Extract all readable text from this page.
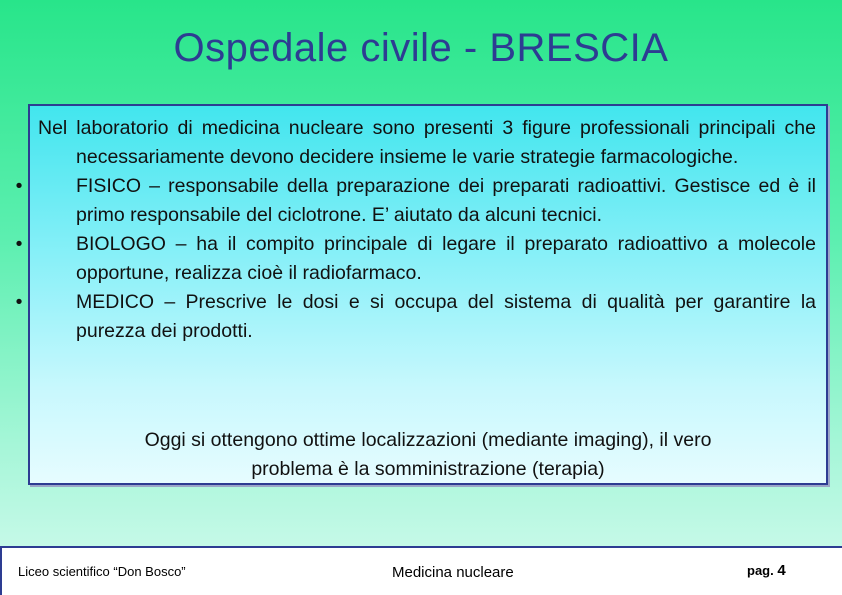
Ospedale civile - BRESCIA

Nel laboratorio di medicina nucleare sono presenti 3 figure professionali principali che necessariamente devono decidere insieme le varie strategie farmacologiche.

•	FISICO – responsabile della preparazione dei preparati radioattivi. Gestisce ed è il primo responsabile del ciclotrone. E’ aiutato da alcuni tecnici.
•	BIOLOGO – ha il compito principale di legare il preparato radioattivo a molecole opportune, realizza cioè il radiofarmaco.
•	MEDICO – Prescrive le dosi e si occupa del sistema di qualità per garantire la purezza dei prodotti.
Oggi si ottengono ottime localizzazioni (mediante imaging), il vero
problema è la somministrazione (terapia)
Liceo scientifico “Don Bosco”	Medicina nucleare	pag. 4
